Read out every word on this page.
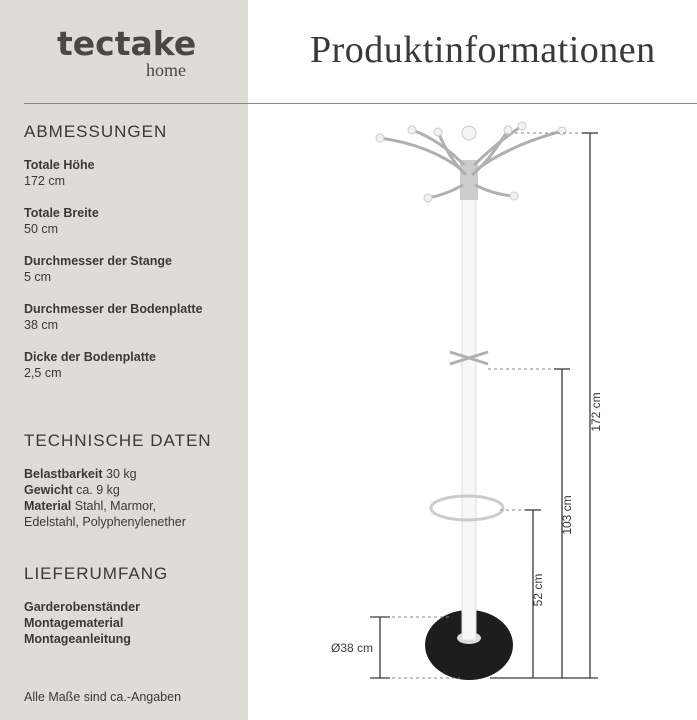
tectake
home	Produktinformationen
ABMESSUNGEN
Totale Höhe
172 cm
Totale Breite
50 cm
Durchmesser der Stange
5 cm
Durchmesser der Bodenplatte
38 cm
Dicke der Bodenplatte
2,5 cm
TECHNISCHE DATEN
Belastbarkeit 30 kg
Gewicht ca. 9 kg
Material Stahl, Marmor,
Edelstahl, Polyphenylenether
LIEFERUMFANG
Garderobenständer
Montagematerial
Montageanleitung
Alle Maße sind ca.-Angaben
172 cm
103 cm
52 cm
Ø38 cm
